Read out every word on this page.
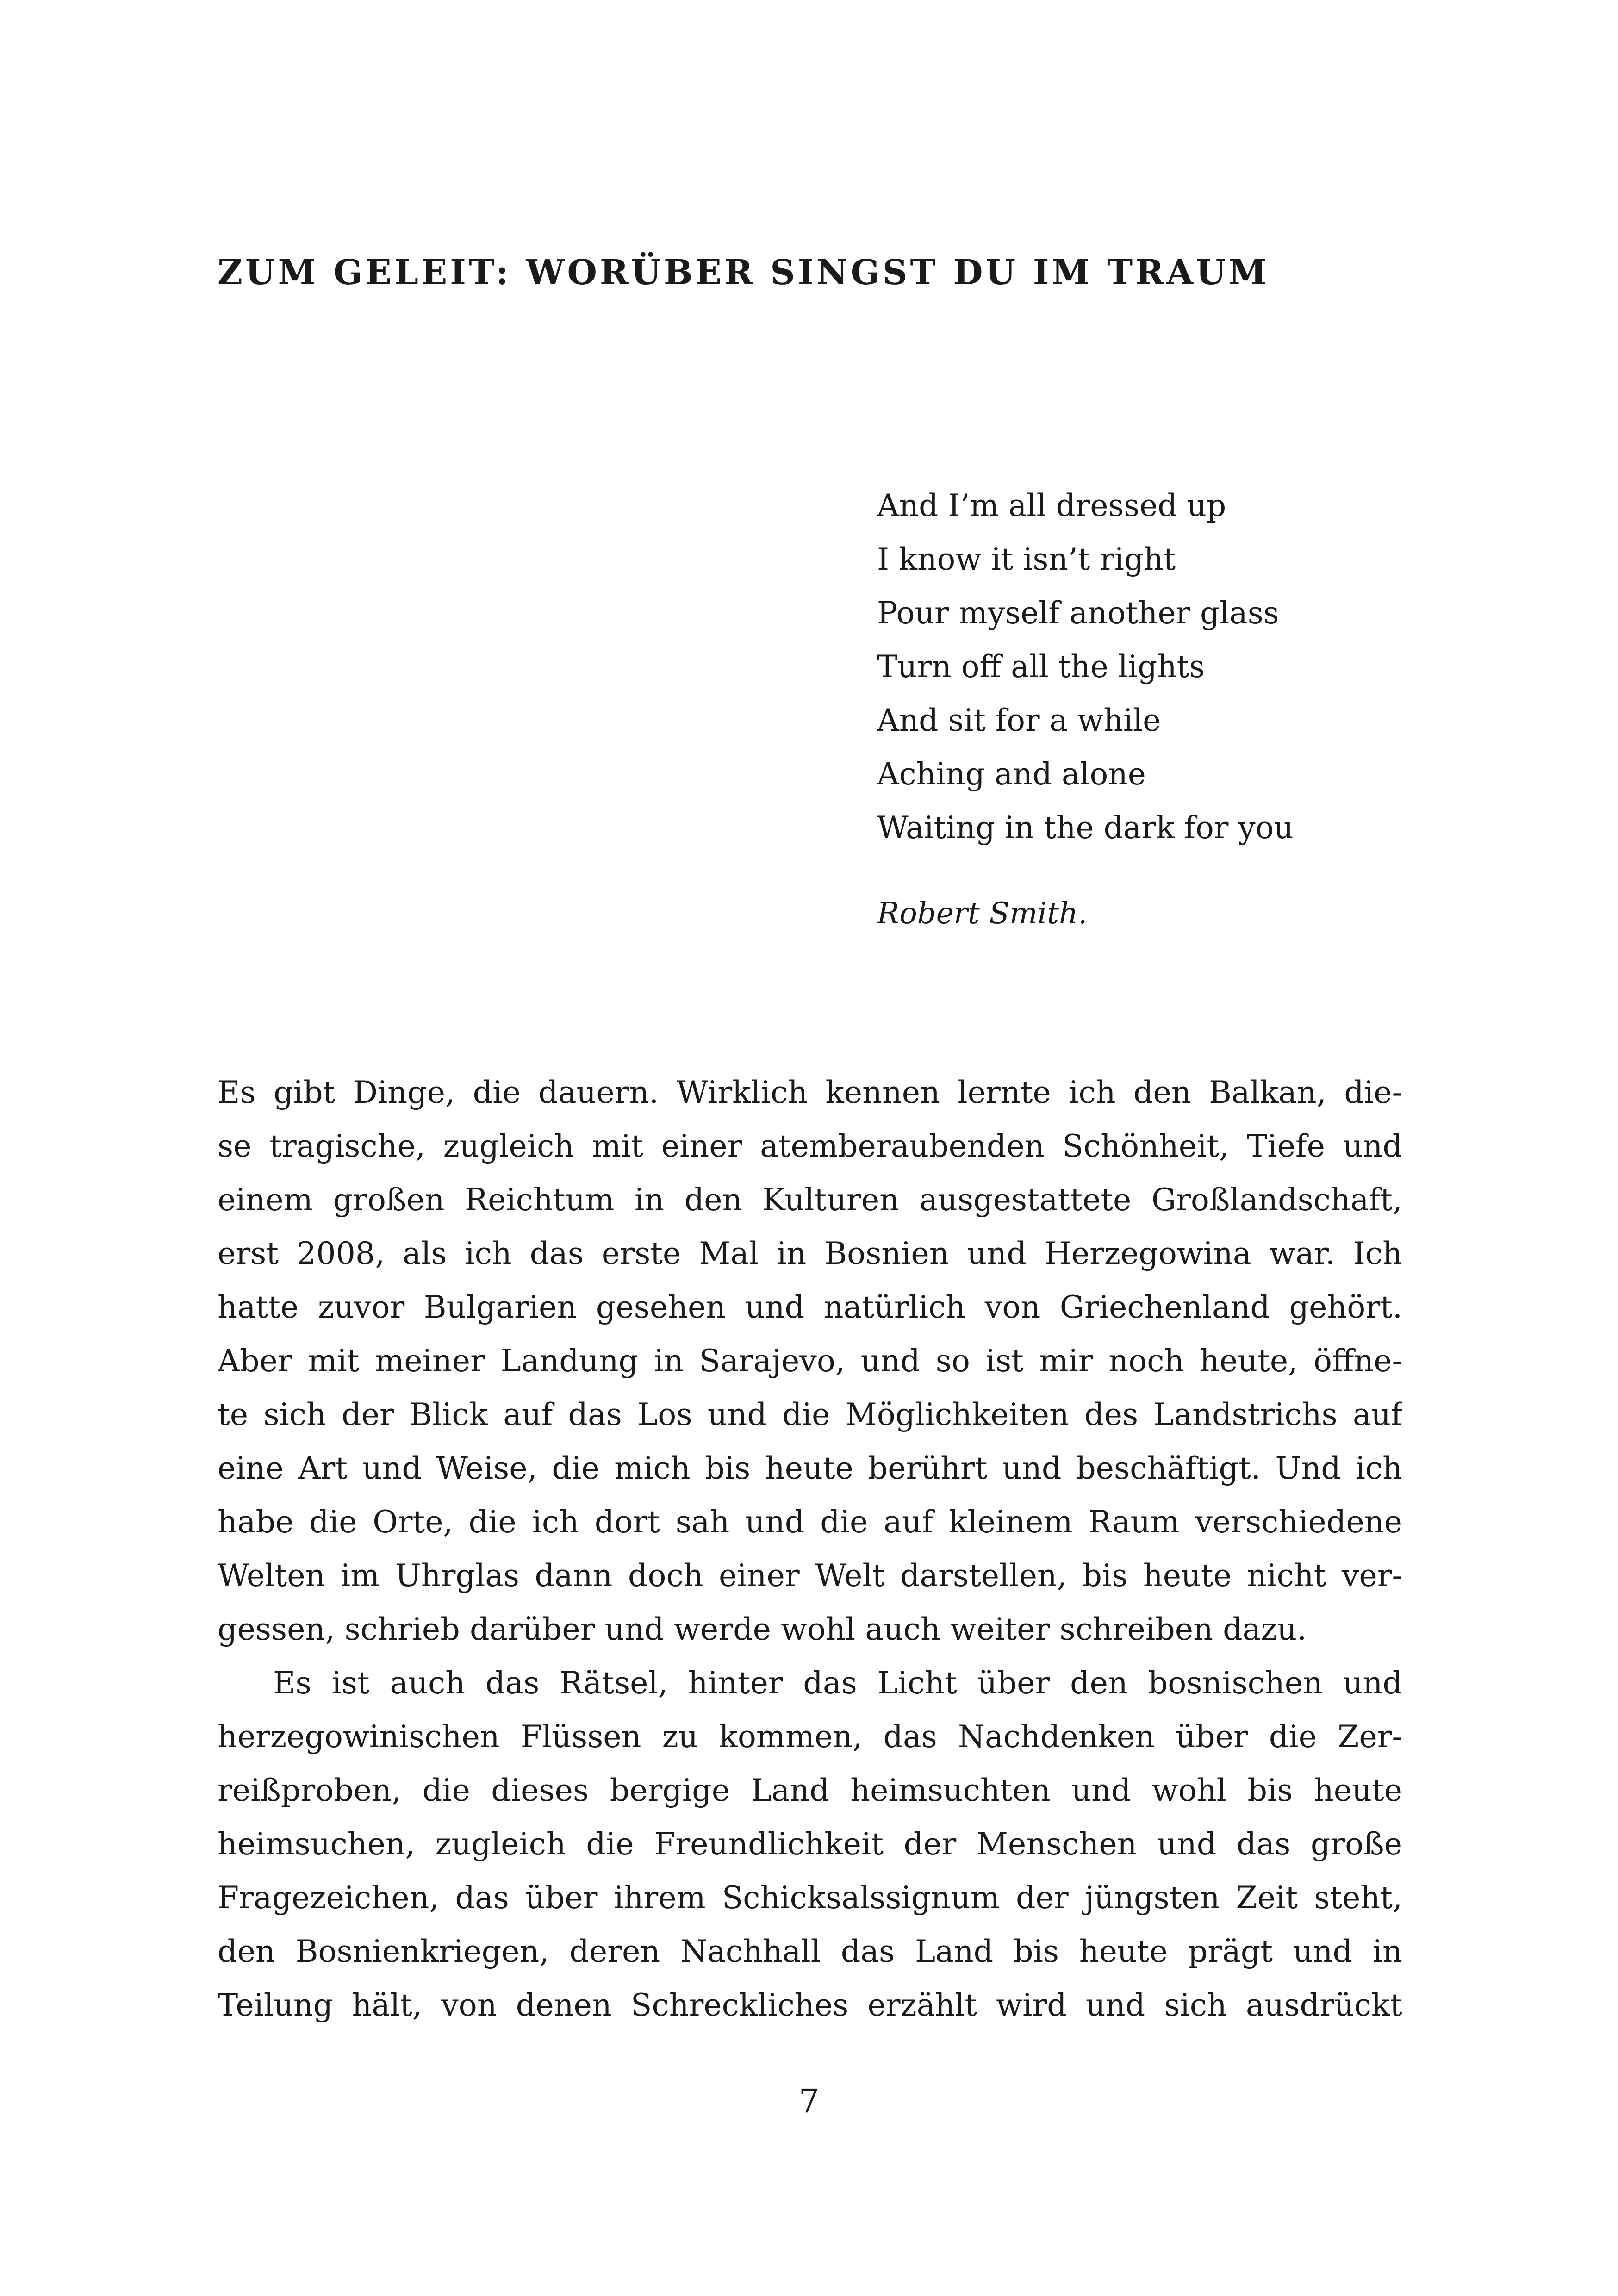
ZUM GELEIT: WORÜBER SINGST DU IM TRAUM
And I’m all dressed up
I know it isn’t right
Pour myself another glass
Turn off all the lights
And sit for a while
Aching and alone
Waiting in the dark for you
Robert Smith.
Es gibt Dinge, die dauern. Wirklich kennen lernte ich den Balkan, die-
se tragische, zugleich mit einer atemberaubenden Schönheit, Tiefe und
einem großen Reichtum in den Kulturen ausgestattete Großlandschaft,
erst 2008, als ich das erste Mal in Bosnien und Herzegowina war. Ich
hatte zuvor Bulgarien gesehen und natürlich von Griechenland gehört.
Aber mit meiner Landung in Sarajevo, und so ist mir noch heute, öffne-
te sich der Blick auf das Los und die Möglichkeiten des Landstrichs auf
eine Art und Weise, die mich bis heute berührt und beschäftigt. Und ich
habe die Orte, die ich dort sah und die auf kleinem Raum verschiedene
Welten im Uhrglas dann doch einer Welt darstellen, bis heute nicht ver-
gessen, schrieb darüber und werde wohl auch weiter schreiben dazu.
Es ist auch das Rätsel, hinter das Licht über den bosnischen und
herzegowinischen Flüssen zu kommen, das Nachdenken über die Zer-
reißproben, die dieses bergige Land heimsuchten und wohl bis heute
heimsuchen, zugleich die Freundlichkeit der Menschen und das große
Fragezeichen, das über ihrem Schicksalssignum der jüngsten Zeit steht,
den Bosnienkriegen, deren Nachhall das Land bis heute prägt und in
Teilung hält, von denen Schreckliches erzählt wird und sich ausdrückt
7
